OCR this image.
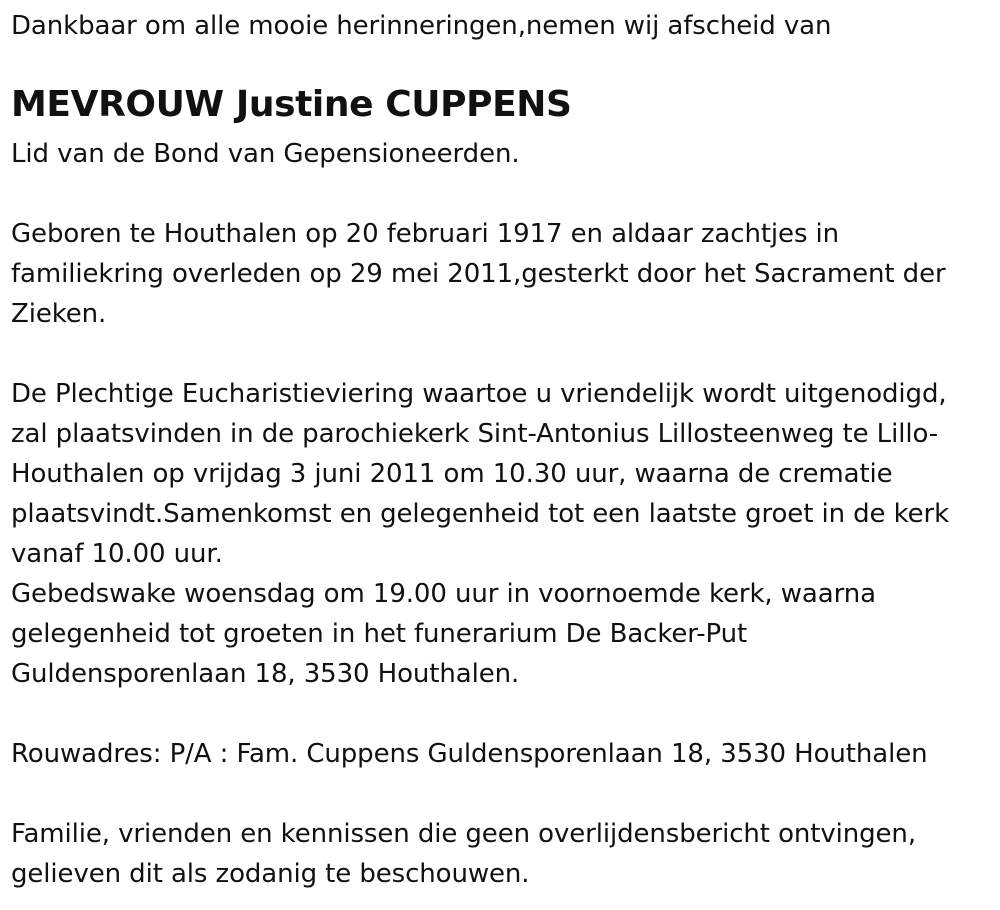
Dankbaar om alle mooie herinneringen,nemen wij afscheid van
MEVROUW Justine CUPPENS
Lid van de Bond van Gepensioneerden.
Geboren te Houthalen op 20 februari 1917 en aldaar zachtjes in
familiekring overleden op 29 mei 2011,gesterkt door het Sacrament der
Zieken.
De Plechtige Eucharistieviering waartoe u vriendelijk wordt uitgenodigd,
zal plaatsvinden in de parochiekerk Sint-Antonius Lillosteenweg te Lillo-
Houthalen op vrijdag 3 juni 2011 om 10.30 uur, waarna de crematie
plaatsvindt.Samenkomst en gelegenheid tot een laatste groet in de kerk
vanaf 10.00 uur.
Gebedswake woensdag om 19.00 uur in voornoemde kerk, waarna
gelegenheid tot groeten in het funerarium De Backer-Put
Guldensporenlaan 18, 3530 Houthalen.
Rouwadres: P/A : Fam. Cuppens Guldensporenlaan 18, 3530 Houthalen
Familie, vrienden en kennissen die geen overlijdensbericht ontvingen,
gelieven dit als zodanig te beschouwen.
